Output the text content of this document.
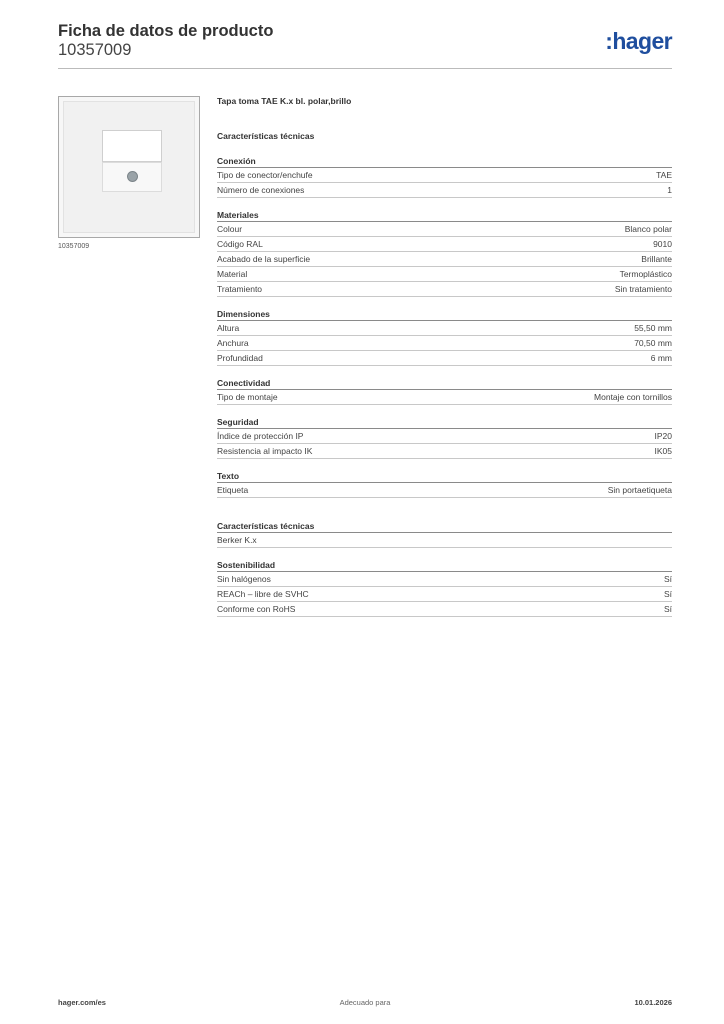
Ficha de datos de producto
10357009	:hager
10357009
Tapa toma TAE K.x bl. polar,brillo
Características técnicas
Conexión
Tipo de conector/enchufe	TAE
Número de conexiones	1
Materiales
Colour	Blanco polar
Código RAL	9010
Acabado de la superficie	Brillante
Material	Termoplástico
Tratamiento	Sin tratamiento
Dimensiones
Altura	55,50 mm
Anchura	70,50 mm
Profundidad	6 mm
Conectividad
Tipo de montaje	Montaje con tornillos
Seguridad
Índice de protección IP	IP20
Resistencia al impacto IK	IK05
Texto
Etiqueta	Sin portaetiqueta
Características técnicas
Berker K.x
Sostenibilidad
Sin halógenos	Sí
REACh – libre de SVHC	Sí
Conforme con RoHS	Sí
hager.com/es	Adecuado para	10.01.2026
